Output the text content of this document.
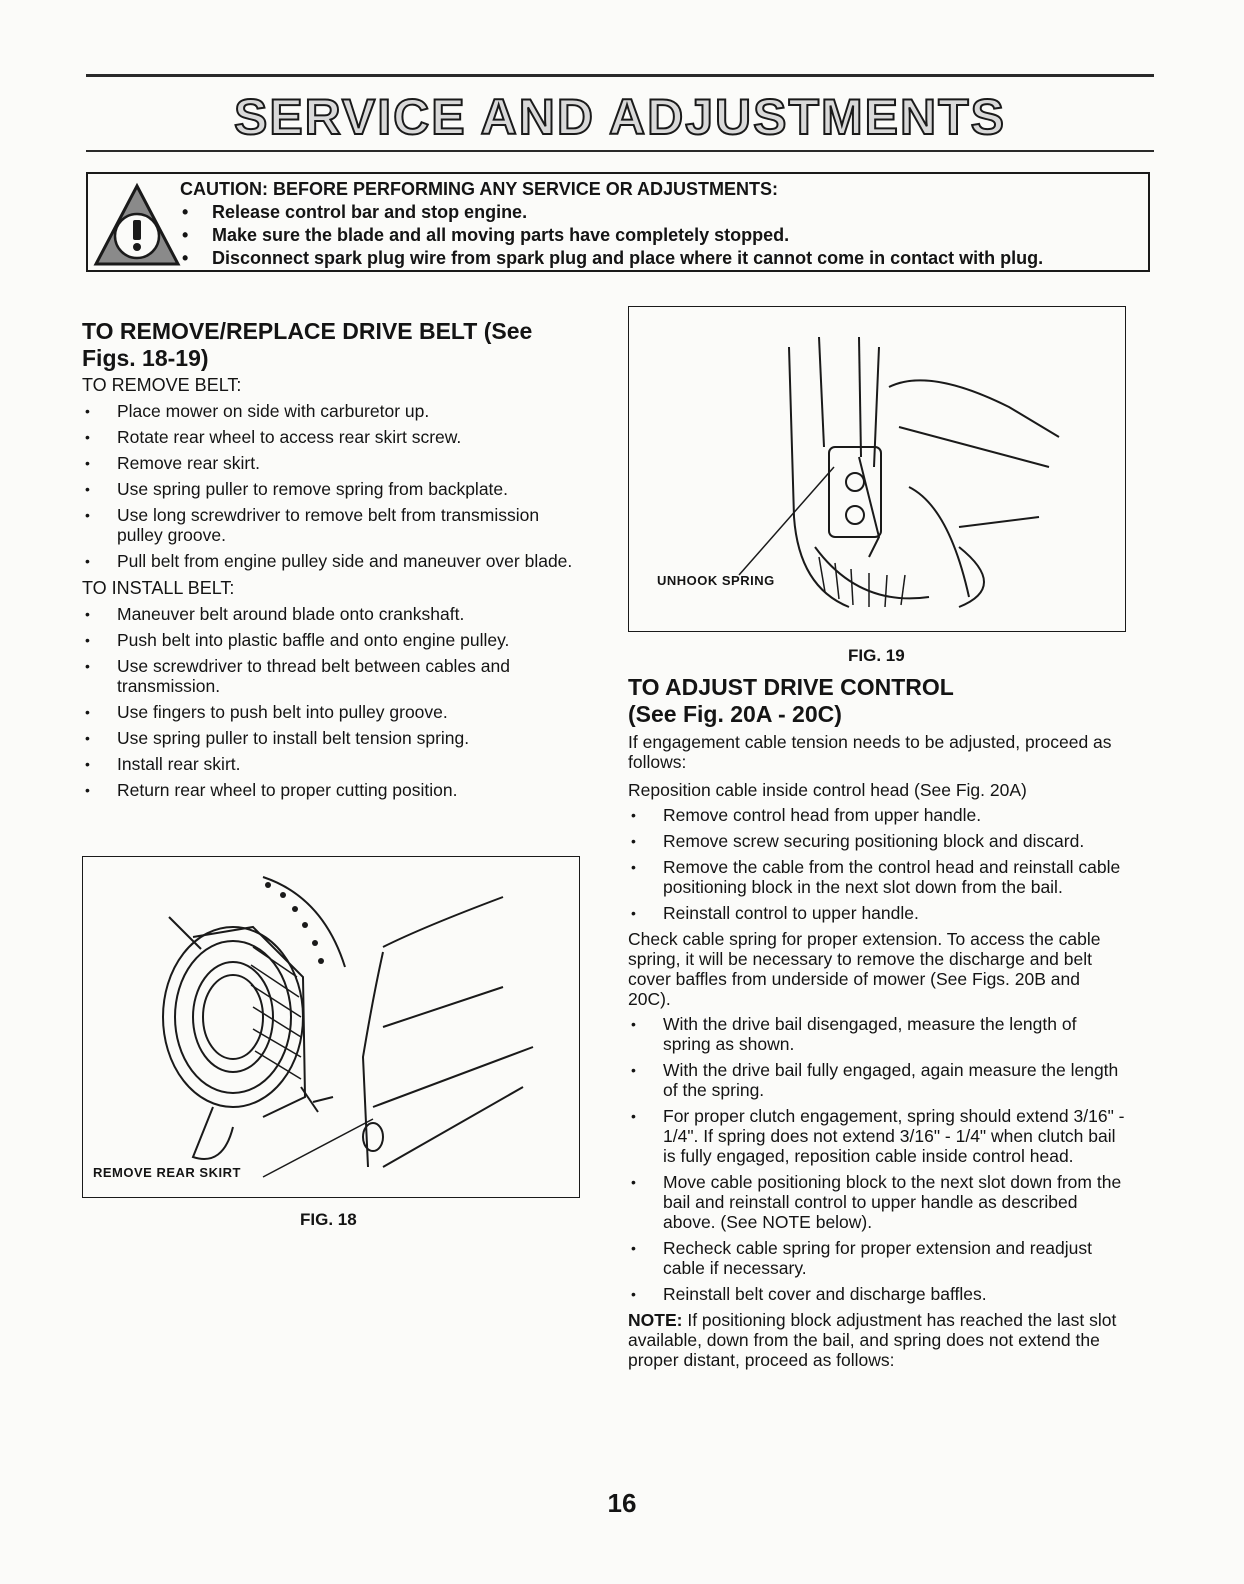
SERVICE AND ADJUSTMENTS
CAUTION: BEFORE PERFORMING ANY SERVICE OR ADJUSTMENTS:
• Release control bar and stop engine.
• Make sure the blade and all moving parts have completely stopped.
• Disconnect spark plug wire from spark plug and place where it cannot come in contact with plug.
TO REMOVE/REPLACE DRIVE BELT (See Figs. 18-19)

TO REMOVE BELT:

• Place mower on side with carburetor up.
• Rotate rear wheel to access rear skirt screw.
• Remove rear skirt.
• Use spring puller to remove spring from backplate.
• Use long screwdriver to remove belt from transmission pulley groove.
• Pull belt from engine pulley side and maneuver over blade.

TO INSTALL BELT:

• Maneuver belt around blade onto crankshaft.
• Push belt into plastic baffle and onto engine pulley.
• Use screwdriver to thread belt between cables and transmission.
• Use fingers to push belt into pulley groove.
• Use spring puller to install belt tension spring.
• Install rear skirt.
• Return rear wheel to proper cutting position.
REMOVE REAR SKIRT
FIG. 18
UNHOOK SPRING
FIG. 19
TO ADJUST DRIVE CONTROL
(See Fig. 20A - 20C)

If engagement cable tension needs to be adjusted, proceed as follows:

Reposition cable inside control head (See Fig. 20A)

• Remove control head from upper handle.
• Remove screw securing positioning block and discard.
• Remove the cable from the control head and reinstall cable positioning block in the next slot down from the bail.
• Reinstall control to upper handle.

Check cable spring for proper extension. To access the cable spring, it will be necessary to remove the discharge and belt cover baffles from underside of mower (See Figs. 20B and 20C).

• With the drive bail disengaged, measure the length of spring as shown.
• With the drive bail fully engaged, again measure the length of the spring.
• For proper clutch engagement, spring should extend 3/16" - 1/4". If spring does not extend 3/16" - 1/4" when clutch bail is fully engaged, reposition cable inside control head.
• Move cable positioning block to the next slot down from the bail and reinstall control to upper handle as described above. (See NOTE below).
• Recheck cable spring for proper extension and readjust cable if necessary.
• Reinstall belt cover and discharge baffles.

NOTE: If positioning block adjustment has reached the last slot available, down from the bail, and spring does not extend the proper distant, proceed as follows:

16
